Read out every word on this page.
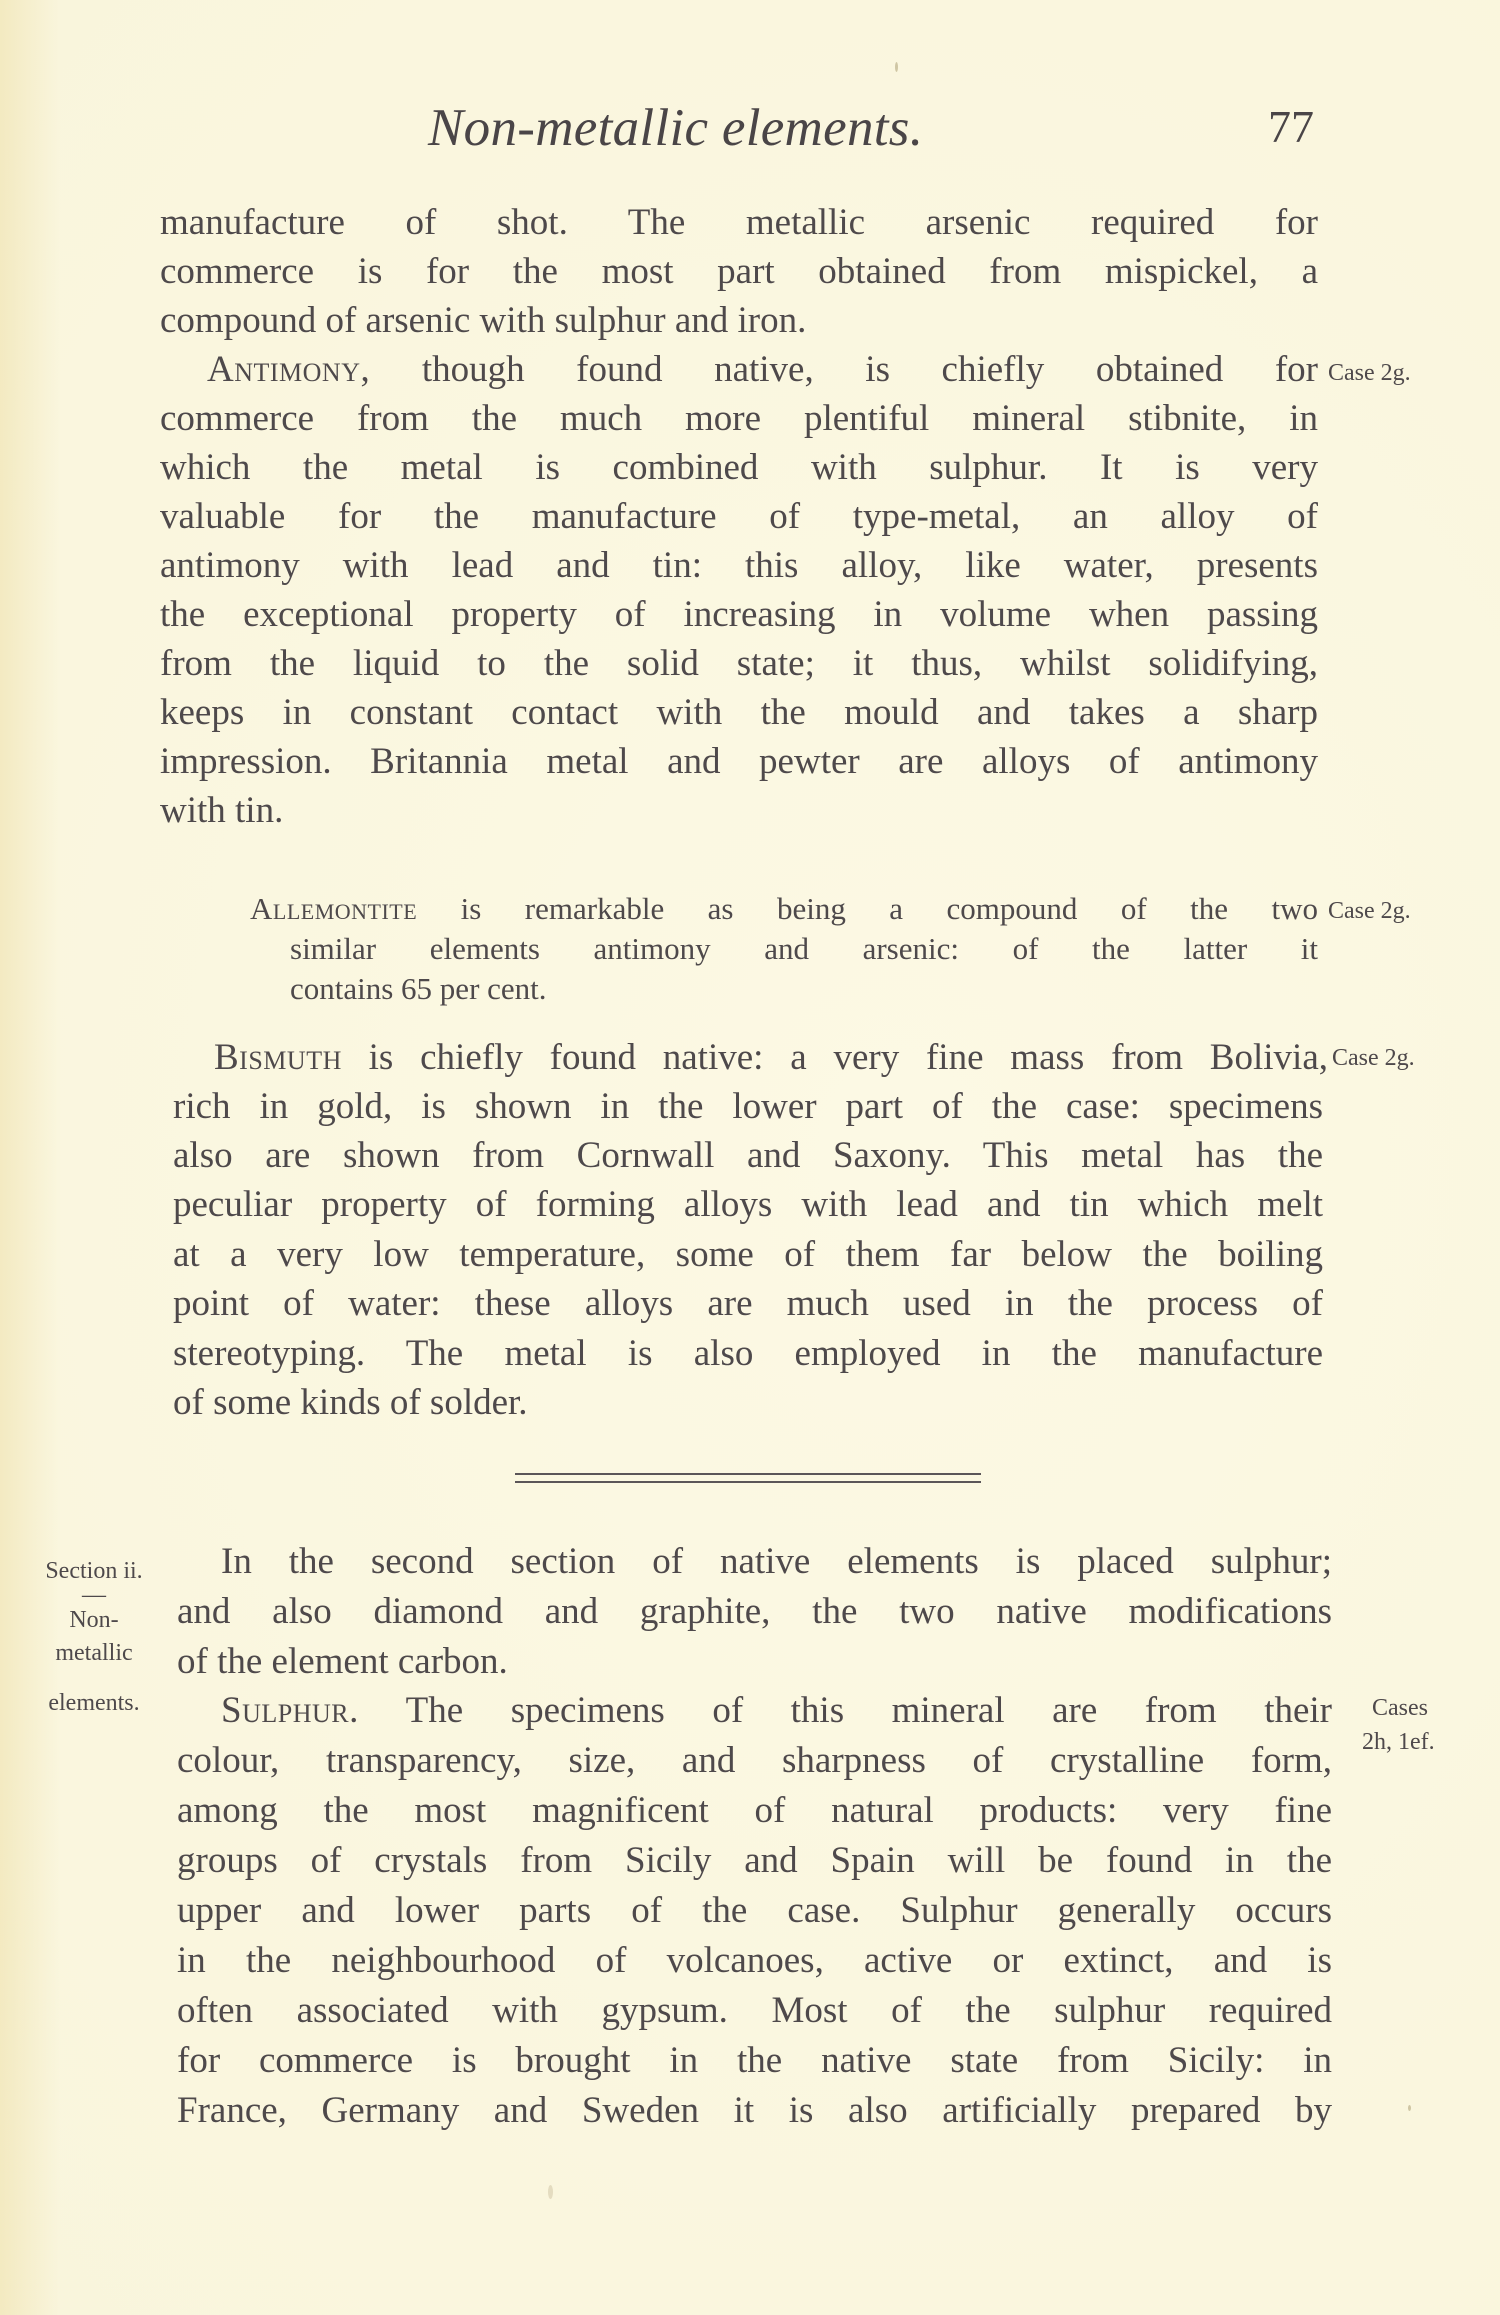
Non-metallic elements.	77
manufacture of shot. The metallic arsenic required for
commerce is for the most part obtained from mispickel, a
compound of arsenic with sulphur and iron.
Antimony, though found native, is chiefly obtained for Case 2g.
commerce from the much more plentiful mineral stibnite, in
which the metal is combined with sulphur. It is very
valuable for the manufacture of type-metal, an alloy of
antimony with lead and tin: this alloy, like water, presents
the exceptional property of increasing in volume when passing
from the liquid to the solid state; it thus, whilst solidifying,
keeps in constant contact with the mould and takes a sharp
impression. Britannia metal and pewter are alloys of antimony
with tin.
Allemontite is remarkable as being a compound of the two Case 2g.
similar elements antimony and arsenic: of the latter it
contains 65 per cent.
Bismuth is chiefly found native: a very fine mass from Bolivia, Case 2g.
rich in gold, is shown in the lower part of the case: specimens
also are shown from Cornwall and Saxony. This metal has the
peculiar property of forming alloys with lead and tin which melt
at a very low temperature, some of them far below the boiling
point of water: these alloys are much used in the process of
stereotyping. The metal is also employed in the manufacture
of some kinds of solder.
Section ii.
—
Non-
metallic
elements.
In the second section of native elements is placed sulphur;
and also diamond and graphite, the two native modifications
of the element carbon.
Sulphur. The specimens of this mineral are from their Cases
2h, 1ef.
colour, transparency, size, and sharpness of crystalline form,
among the most magnificent of natural products: very fine
groups of crystals from Sicily and Spain will be found in the
upper and lower parts of the case. Sulphur generally occurs
in the neighbourhood of volcanoes, active or extinct, and is
often associated with gypsum. Most of the sulphur required
for commerce is brought in the native state from Sicily: in
France, Germany and Sweden it is also artificially prepared by
